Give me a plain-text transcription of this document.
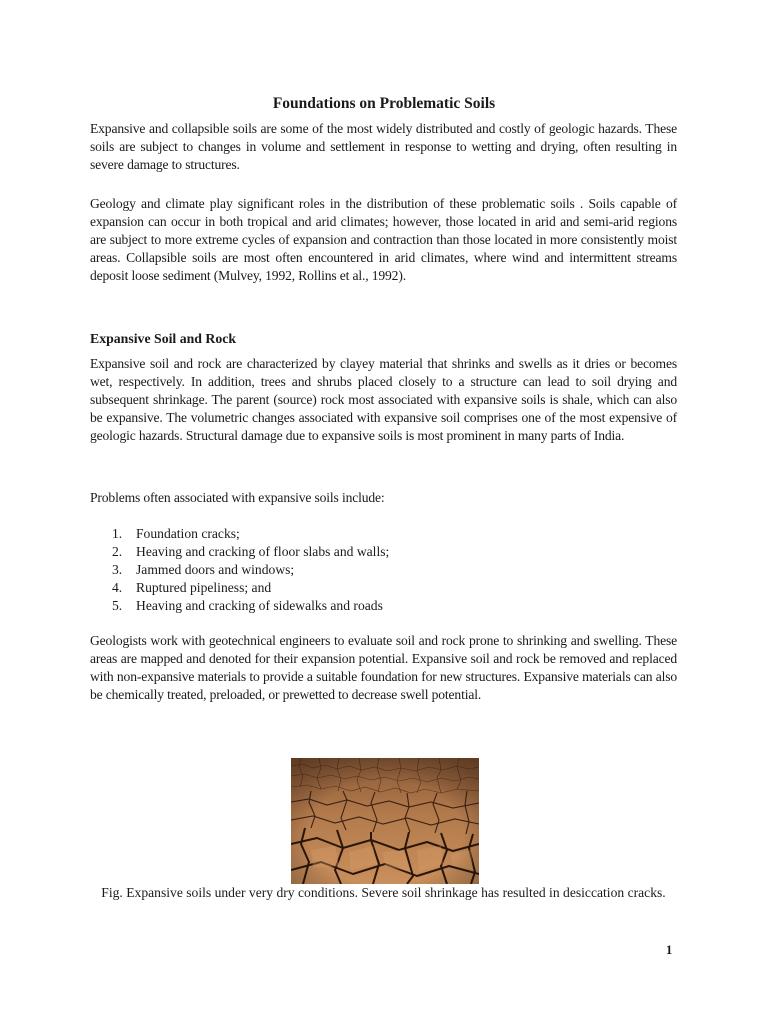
Foundations on Problematic Soils

Expansive and collapsible soils are some of the most widely distributed and costly of geologic hazards. These soils are subject to changes in volume and settlement in response to wetting and drying, often resulting in severe damage to structures.

Geology and climate play significant roles in the distribution of these problematic soils . Soils capable of expansion can occur in both tropical and arid climates; however, those located in arid and semi-arid regions are subject to more extreme cycles of expansion and contraction than those located in more consistently moist areas. Collapsible soils are most often encountered in arid climates, where wind and intermittent streams deposit loose sediment (Mulvey, 1992, Rollins et al., 1992).

Expansive Soil and Rock

Expansive soil and rock are characterized by clayey material that shrinks and swells as it dries or becomes wet, respectively. In addition, trees and shrubs placed closely to a structure can lead to soil drying and subsequent shrinkage. The parent (source) rock most associated with expansive soils is shale, which can also be expansive. The volumetric changes associated with expansive soil comprises one of the most expensive of geologic hazards. Structural damage due to expansive soils is most prominent in many parts of India.

Problems often associated with expansive soils include:

1.	Foundation cracks;
2.	Heaving and cracking of floor slabs and walls;
3.	Jammed doors and windows;
4.	Ruptured pipeliness; and
5.	Heaving and cracking of sidewalks and roads

Geologists work with geotechnical engineers to evaluate soil and rock prone to shrinking and swelling. These areas are mapped and denoted for their expansion potential. Expansive soil and rock be removed and replaced with non-expansive materials to provide a suitable foundation for new structures. Expansive materials can also be chemically treated, preloaded, or prewetted to decrease swell potential.

Fig. Expansive soils under very dry conditions. Severe soil shrinkage has resulted in desiccation cracks.
1
